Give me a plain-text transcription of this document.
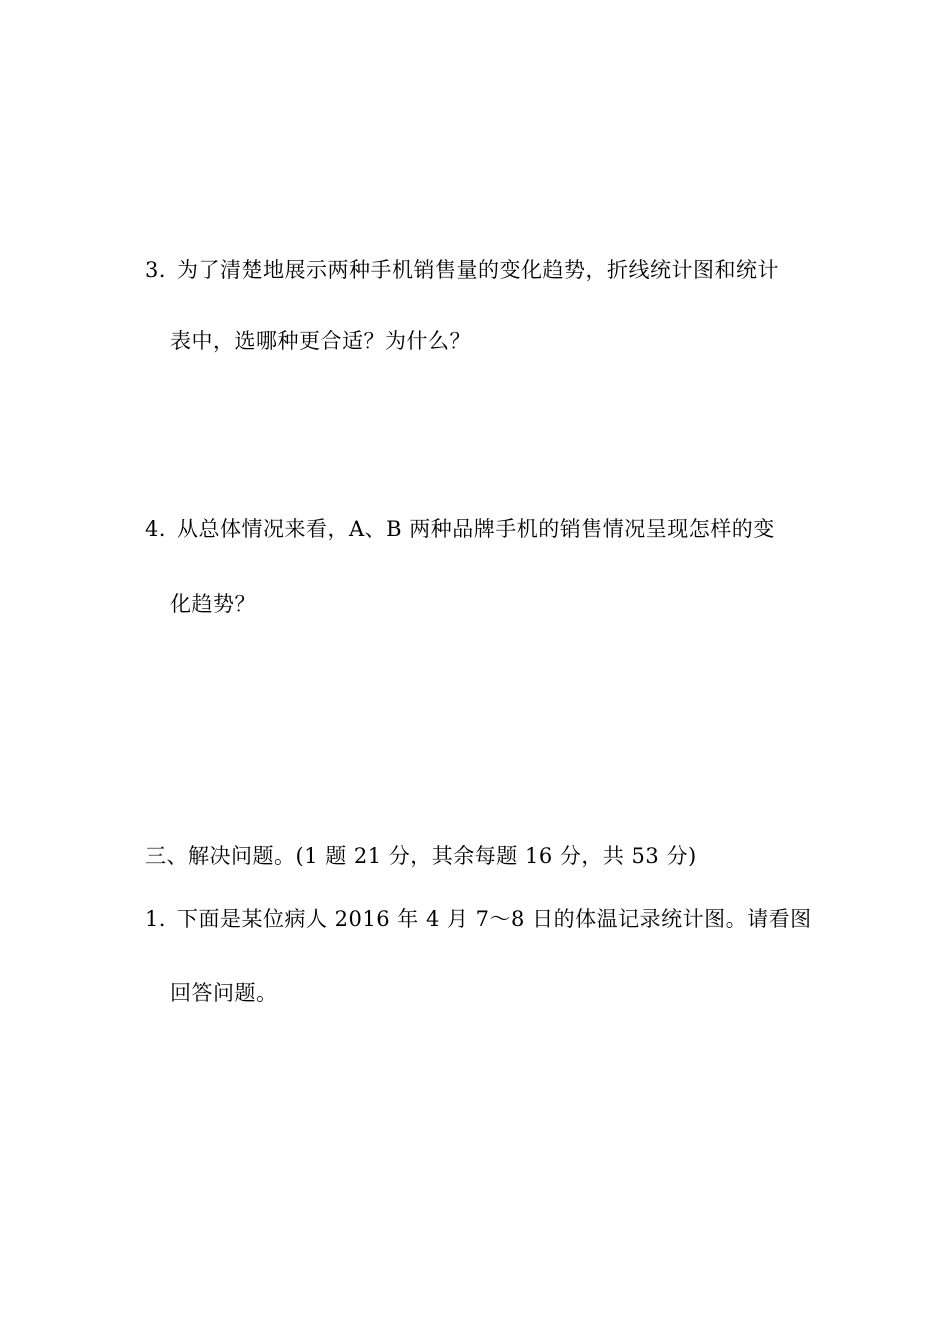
3．为了清楚地展示两种手机销售量的变化趋势，折线统计图和统计
表中，选哪种更合适？为什么？
4．从总体情况来看，A、B 两种品牌手机的销售情况呈现怎样的变
化趋势？
三、解决问题。(1 题 21 分，其余每题 16 分，共 53 分)
1．下面是某位病人 2016 年 4 月 7～8 日的体温记录统计图。请看图
回答问题。
